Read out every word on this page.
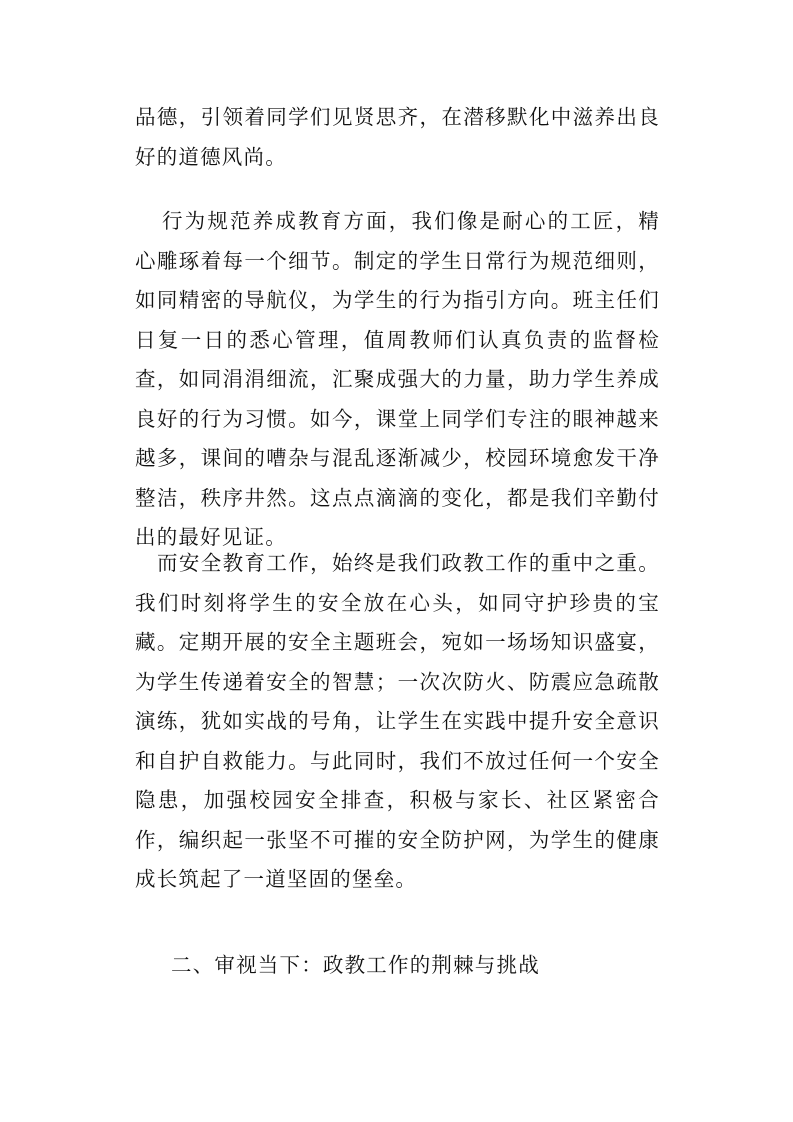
品德，引领着同学们见贤思齐，在潜移默化中滋养出良好的道德风尚。
行为规范养成教育方面，我们像是耐心的工匠，精心雕琢着每一个细节。制定的学生日常行为规范细则，如同精密的导航仪，为学生的行为指引方向。班主任们日复一日的悉心管理，值周教师们认真负责的监督检查，如同涓涓细流，汇聚成强大的力量，助力学生养成良好的行为习惯。如今，课堂上同学们专注的眼神越来越多，课间的嘈杂与混乱逐渐减少，校园环境愈发干净整洁，秩序井然。这点点滴滴的变化，都是我们辛勤付出的最好见证。
而安全教育工作，始终是我们政教工作的重中之重。我们时刻将学生的安全放在心头，如同守护珍贵的宝藏。定期开展的安全主题班会，宛如一场场知识盛宴，为学生传递着安全的智慧；一次次防火、防震应急疏散演练，犹如实战的号角，让学生在实践中提升安全意识和自护自救能力。与此同时，我们不放过任何一个安全隐患，加强校园安全排查，积极与家长、社区紧密合作，编织起一张坚不可摧的安全防护网，为学生的健康成长筑起了一道坚固的堡垒。
二、审视当下：政教工作的荆棘与挑战
